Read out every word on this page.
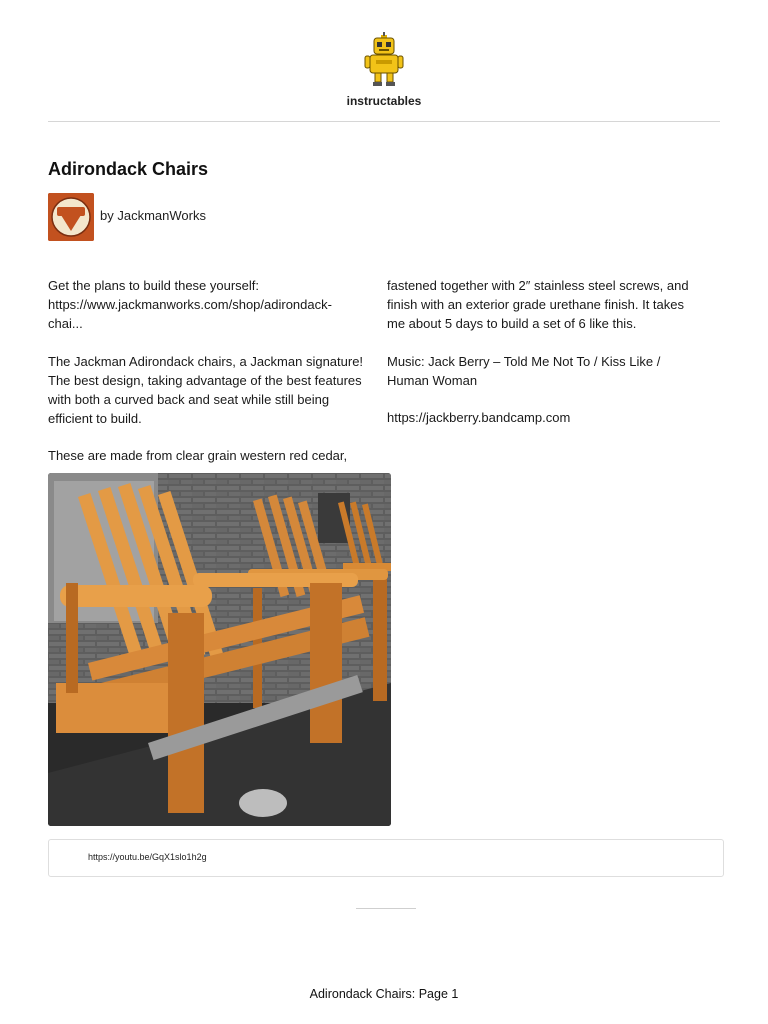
instructables
Adirondack Chairs
by JackmanWorks

Get the plans to build these yourself: https://www.jackmanworks.com/shop/adirondack-chai...

The Jackman Adirondack chairs, a Jackman signature! The best design, taking advantage of the best features with both a curved back and seat while still being efficient to build.

These are made from clear grain western red cedar,

fastened together with 2″ stainless steel screws, and finish with an exterior grade urethane finish. It takes me about 5 days to build a set of 6 like this.

Music: Jack Berry – Told Me Not To / Kiss Like / Human Woman

https://jackberry.bandcamp.com

https://youtu.be/GqX1slo1h2g
Adirondack Chairs: Page 1
